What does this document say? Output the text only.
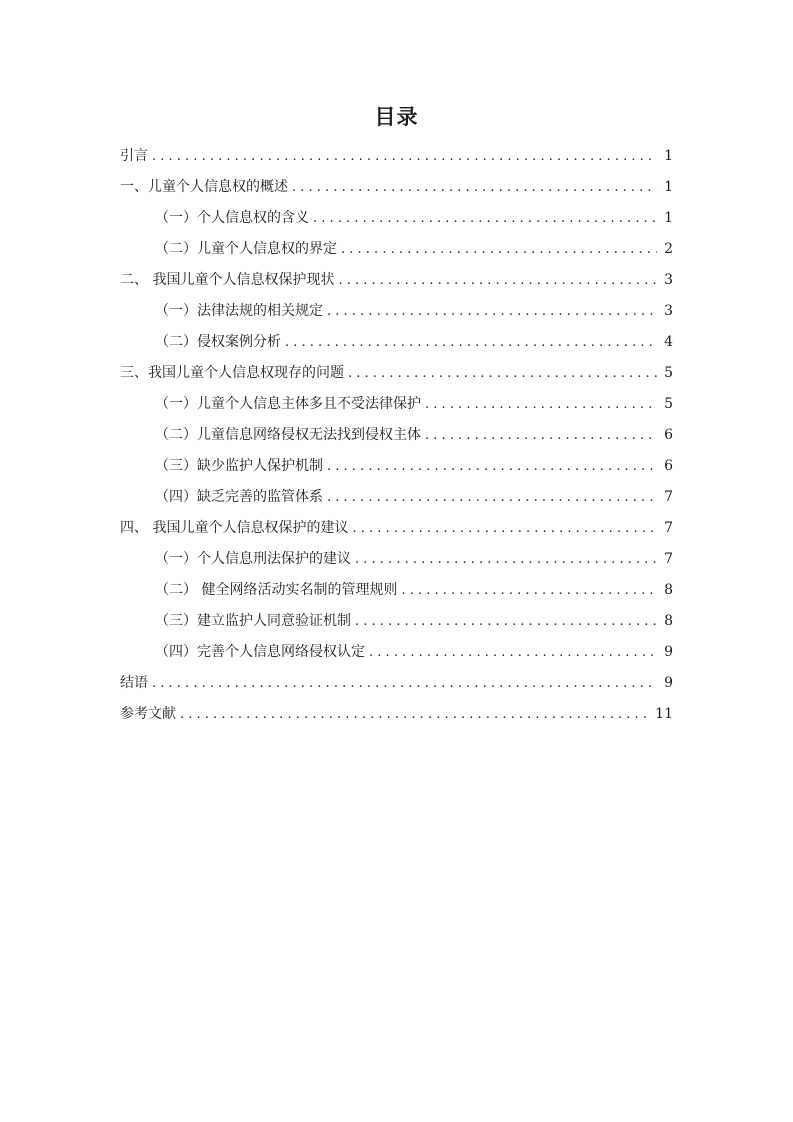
目录
引言 . . .	1
一、儿童个人信息权的概述 . . .	1
（一）个人信息权的含义 . . .	1
（二）儿童个人信息权的界定 . . .	2
二、 我国儿童个人信息权保护现状 . . .	3
（一）法律法规的相关规定 . . .	3
（二）侵权案例分析 . . .	4
三、我国儿童个人信息权现存的问题 . . .	5
（一）儿童个人信息主体多且不受法律保护 . . .	5
（二）儿童信息网络侵权无法找到侵权主体 . . .	6
（三）缺少监护人保护机制 . . .	6
（四）缺乏完善的监管体系 . . .	7
四、 我国儿童个人信息权保护的建议 . . .	7
（一）个人信息刑法保护的建议 . . .	7
（二） 健全网络活动实名制的管理规则 . . .	8
（三）建立监护人同意验证机制 . . .	8
（四）完善个人信息网络侵权认定 . . .	9
结语 . . .	9
参考文献 . . .	11
